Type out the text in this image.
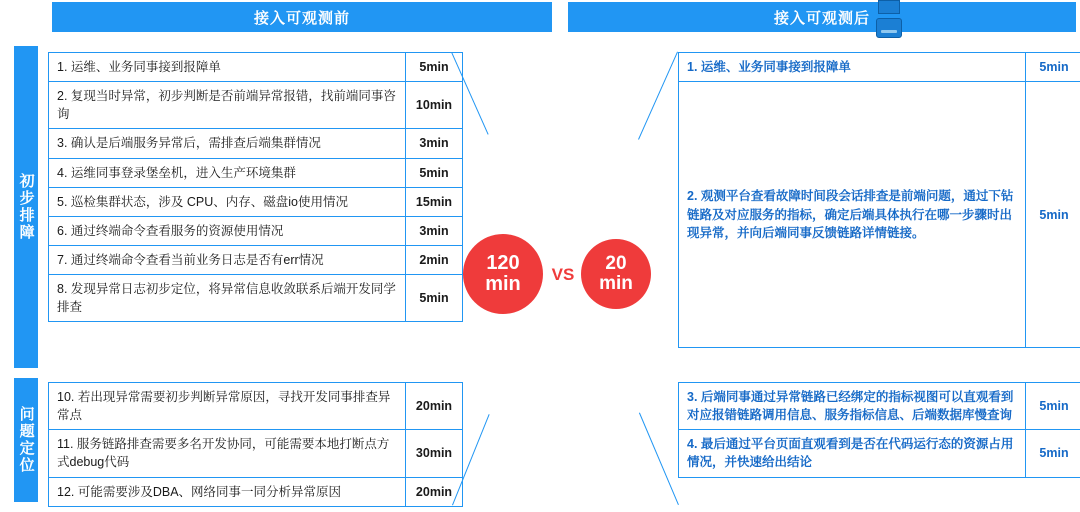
接入可观测前	接入可观测后
初步排障
问题定位
1. 运维、业务同事接到报障单	5min
2. 复现当时异常，初步判断是否前端异常报错，找前端同事咨询	10min
3. 确认是后端服务异常后，需排查后端集群情况	3min
4. 运维同事登录堡垒机，进入生产环境集群	5min
5. 巡检集群状态，涉及 CPU、内存、磁盘io使用情况	15min
6. 通过终端命令查看服务的资源使用情况	3min
7. 通过终端命令查看当前业务日志是否有err情况	2min
8. 发现异常日志初步定位，将异常信息收敛联系后端开发同学排查	5min
10. 若出现异常需要初步判断异常原因，寻找开发同事排查异常点	20min
11. 服务链路排查需要多名开发协同，可能需要本地打断点方式debug代码	30min
12. 可能需要涉及DBA、网络同事一同分析异常原因	20min
1. 运维、业务同事接到报障单	5min
2. 观测平台查看故障时间段会话排查是前端问题，通过下钻链路及对应服务的指标，确定后端具体执行在哪一步骤时出现异常，并向后端同事反馈链路详情链接。	5min
3. 后端同事通过异常链路已经绑定的指标视图可以直观看到对应报错链路调用信息、服务指标信息、后端数据库慢查询	5min
4. 最后通过平台页面直观看到是否在代码运行态的资源占用情况，并快速给出结论	5min
120
min VS
20
min
